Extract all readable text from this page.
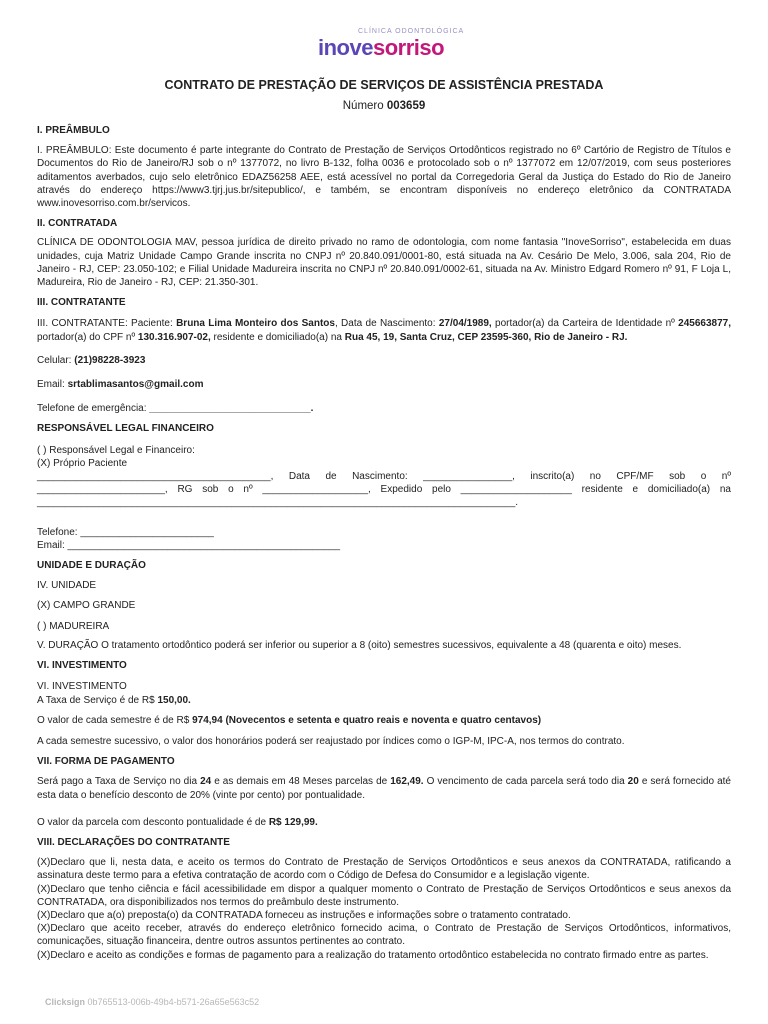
CLÍNICA ODONTOLÓGICA
inovesorriso
CONTRATO DE PRESTAÇÃO DE SERVIÇOS DE ASSISTÊNCIA PRESTADA
Número 003659

I. PREÂMBULO

I. PREÂMBULO: Este documento é parte integrante do Contrato de Prestação de Serviços Ortodônticos registrado no 6º Cartório de Registro de Títulos e Documentos do Rio de Janeiro/RJ sob o nº 1377072, no livro B-132, folha 0036 e protocolado sob o nº 1377072 em 12/07/2019, com seus posteriores aditamentos averbados, cujo selo eletrônico EDAZ56258 AEE, está acessível no portal da Corregedoria Geral da Justiça do Estado do Rio de Janeiro através do endereço https://www3.tjrj.jus.br/sitepublico/, e também, se encontram disponíveis no endereço eletrônico da CONTRATADA www.inovesorriso.com.br/servicos.

II. CONTRATADA

CLÍNICA DE ODONTOLOGIA MAV, pessoa jurídica de direito privado no ramo de odontologia, com nome fantasia "InoveSorriso", estabelecida em duas unidades, cuja Matriz Unidade Campo Grande inscrita no CNPJ nº 20.840.091/0001-80, está situada na Av. Cesário De Melo, 3.006, sala 204, Rio de Janeiro - RJ, CEP: 23.050-102; e Filial Unidade Madureira inscrita no CNPJ nº 20.840.091/0002-61, situada na Av. Ministro Edgard Romero nº 91, F Loja L, Madureira, Rio de Janeiro - RJ, CEP: 21.350-301.

III. CONTRATANTE

III. CONTRATANTE: Paciente: Bruna Lima Monteiro dos Santos, Data de Nascimento: 27/04/1989, portador(a) da Carteira de Identidade nº 245663877, portador(a) do CPF nº 130.316.907-02, residente e domiciliado(a) na Rua 45, 19, Santa Cruz, CEP 23595-360, Rio de Janeiro - RJ.

Celular: (21)98228-3923

Email: srtablimasantos@gmail.com

Telefone de emergência: _____________________________.

RESPONSÁVEL LEGAL FINANCEIRO

( ) Responsável Legal e Financeiro:

(X) Próprio Paciente

__________________________________________, Data de Nascimento: ________________, inscrito(a) no CPF/MF sob o nº _______________________, RG sob o nº ___________________, Expedido pelo ____________________ residente e domiciliado(a) na ______________________________________________________________________________________.

Telefone: ________________________

Email: _________________________________________________

UNIDADE E DURAÇÃO

IV. UNIDADE

(X) CAMPO GRANDE

( ) MADUREIRA

V. DURAÇÃO O tratamento ortodôntico poderá ser inferior ou superior a 8 (oito) semestres sucessivos, equivalente a 48 (quarenta e oito) meses.

VI. INVESTIMENTO

VI. INVESTIMENTO

A Taxa de Serviço é de R$ 150,00.

O valor de cada semestre é de R$ 974,94 (Novecentos e setenta e quatro reais e noventa e quatro centavos)

A cada semestre sucessivo, o valor dos honorários poderá ser reajustado por índices como o IGP-M, IPC-A, nos termos do contrato.

VII. FORMA DE PAGAMENTO

Será pago a Taxa de Serviço no dia 24 e as demais em 48 Meses parcelas de 162,49. O vencimento de cada parcela será todo dia 20 e será fornecido até esta data o benefício desconto de 20% (vinte por cento) por pontualidade.

O valor da parcela com desconto pontualidade é de R$ 129,99.

VIII. DECLARAÇÕES DO CONTRATANTE

(X)Declaro que li, nesta data, e aceito os termos do Contrato de Prestação de Serviços Ortodônticos e seus anexos da CONTRATADA, ratificando a assinatura deste termo para a efetiva contratação de acordo com o Código de Defesa do Consumidor e a legislação vigente.

(X)Declaro que tenho ciência e fácil acessibilidade em dispor a qualquer momento o Contrato de Prestação de Serviços Ortodônticos e seus anexos da CONTRATADA, ora disponibilizados nos termos do preâmbulo deste instrumento.

(X)Declaro que a(o) preposta(o) da CONTRATADA forneceu as instruções e informações sobre o tratamento contratado.

(X)Declaro que aceito receber, através do endereço eletrônico fornecido acima, o Contrato de Prestação de Serviços Ortodônticos, informativos, comunicações, situação financeira, dentre outros assuntos pertinentes ao contrato.

(X)Declaro e aceito as condições e formas de pagamento para a realização do tratamento ortodôntico estabelecida no contrato firmado entre as partes.

Clicksign 0b765513-006b-49b4-b571-26a65e563c52
